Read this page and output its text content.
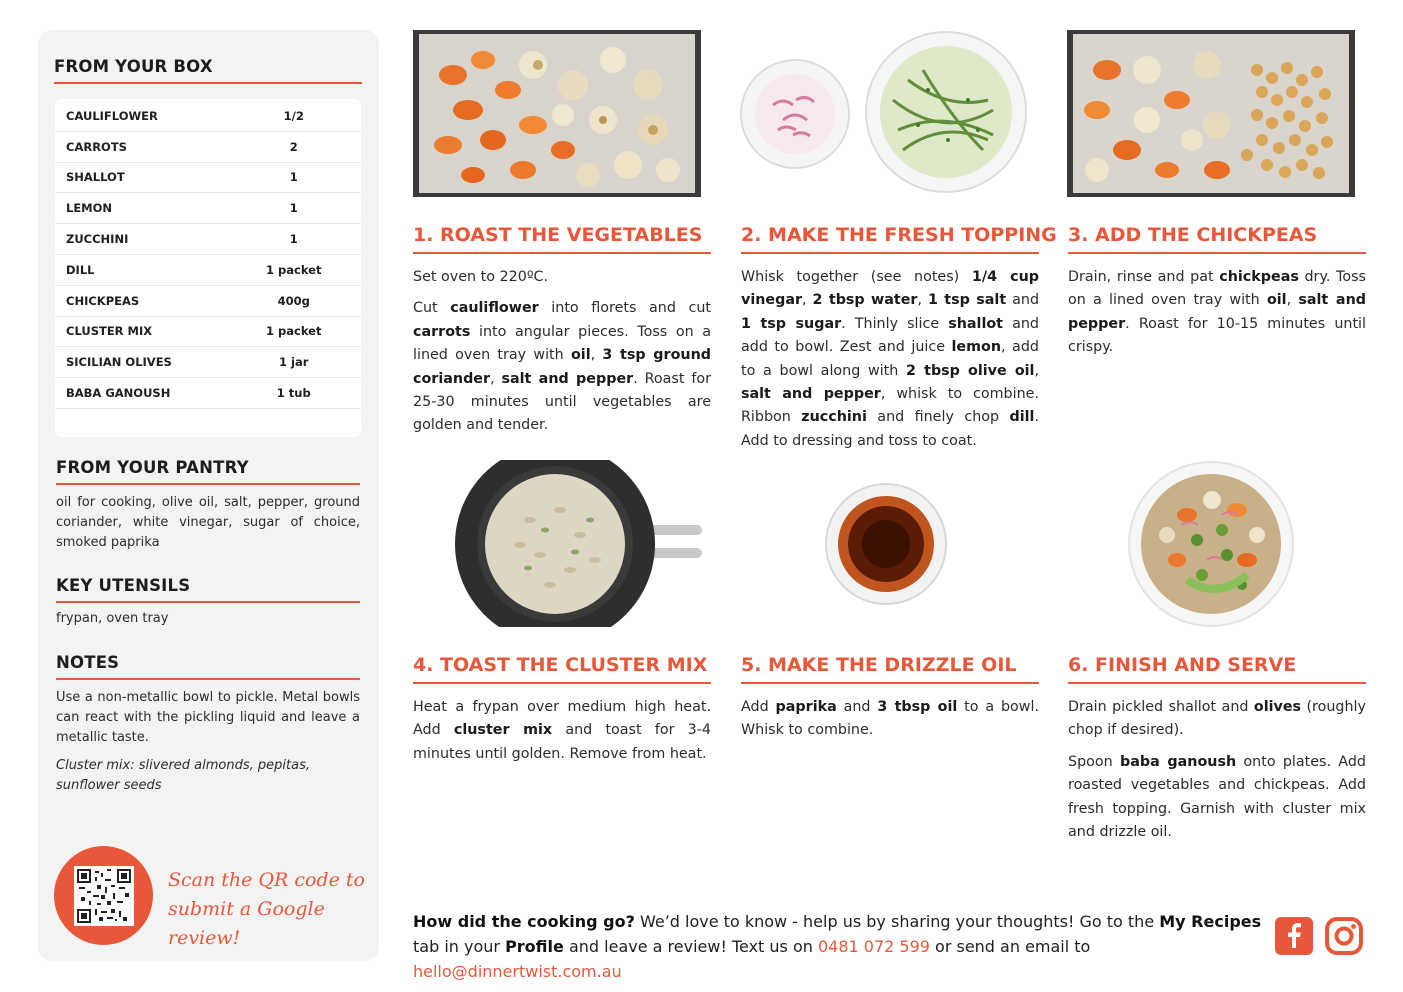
FROM YOUR BOX
CAULIFLOWER	1/2
CARROTS	2
SHALLOT	1
LEMON	1
ZUCCHINI	1
DILL	1 packet
CHICKPEAS	400g
CLUSTER MIX	1 packet
SICILIAN OLIVES	1 jar
BABA GANOUSH	1 tub
FROM YOUR PANTRY
oil for cooking, olive oil, salt, pepper, ground coriander, white vinegar, sugar of choice, smoked paprika
KEY UTENSILS
frypan, oven tray
NOTES
Use a non-metallic bowl to pickle. Metal bowls can react with the pickling liquid and leave a metallic taste.
Cluster mix: slivered almonds, pepitas, sunflower seeds
Scan the QR code to
submit a Google review!
1. ROAST THE VEGETABLES

Set oven to 220ºC.

Cut cauliflower into florets and cut carrots into angular pieces. Toss on a lined oven tray with oil, 3 tsp ground coriander, salt and pepper. Roast for 25-30 minutes until vegetables are golden and tender.

2. MAKE THE FRESH TOPPING

Whisk together (see notes) 1/4 cup vinegar, 2 tbsp water, 1 tsp salt and 1 tsp sugar. Thinly slice shallot and add to bowl. Zest and juice lemon, add to a bowl along with 2 tbsp olive oil, salt and pepper, whisk to combine. Ribbon zucchini and finely chop dill. Add to dressing and toss to coat.

3. ADD THE CHICKPEAS

Drain, rinse and pat chickpeas dry. Toss on a lined oven tray with oil, salt and pepper. Roast for 10-15 minutes until crispy.

4. TOAST THE CLUSTER MIX

Heat a frypan over medium high heat. Add cluster mix and toast for 3-4 minutes until golden. Remove from heat.

5. MAKE THE DRIZZLE OIL

Add paprika and 3 tbsp oil to a bowl. Whisk to combine.

6. FINISH AND SERVE

Drain pickled shallot and olives (roughly chop if desired).

Spoon baba ganoush onto plates. Add roasted vegetables and chickpeas. Add fresh topping. Garnish with cluster mix and drizzle oil.

How did the cooking go? We’d love to know - help us by sharing your thoughts! Go to the My Recipes tab in your Profile and leave a review! Text us on 0481 072 599 or send an email to hello@dinnertwist.com.au
